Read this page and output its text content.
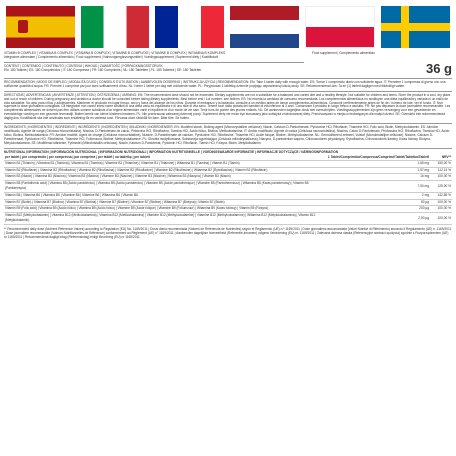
VITAMIN B COMPLEX | VITAMINA B COMPLEX | VITAMINA B COMPLEX | VITAMINE B COMPLEXE | VITAMINE B COMPLEX | WITAMINA B KOMPLEKS
Integratore alimentare | Complemento alimenticio | Food supplement | Nahrungsergänzungsmittel | Voedingssupplement | Suplement diety | Kosttillskott
CONTENT | CONTENIDO | CONTENUTO | CONTENU | INHOUD | ZAWARTOŚĆ | FÖRPACKNINGSSTORLEK
EN: 180 Tablets | ES: 180 Comprimidos | IT: 180 Compresse | FR: 180 Comprimés | NL: 180 Tabletten | PL: 180 Tabletek | SE: 180 Tabletter
Food supplement | Complemento alimenticio
36 g
RECOMMENDATION | MODO DE EMPLEO | MODALITÀ D'USO | CONSEILS D'UTILISATION | AANBEVOLEN DOSERING | INSTRUKCJA UŻYCIA | REKOMMENDATION: EN: Take 1 tablet daily with enough water. ES: Tomar 1 comprimido diario con suficiente agua. IT: Prendere 1 compressa al giorno con una sufficiente quantità d'acqua. FR: Prendre 1 comprimé par jour avec suffisamment d'eau. NL: Neem 1 tablet per dag met voldoende water. PL: Przyjmować 1 tabletkę dziennie popijając odpowiednią ilością wody. SE: Rekommenderad dos: Ta en (1) tablett dagligen med tillräckligt vatten.
DIRECTIONS | ADVERTENCIAS | AVVERTENZE | ATTENTION | OSTRZEŻENIA | VARNING: EN: The recommended dose should not be exceeded. Dietary supplements are not a substitute for a balanced and varied diet and a healthy lifestyle. Not suitable for children and teens. Store the product in a cool, dry place and out of reach of children. During pregnancy and lactation a doctor should be consulted before taking dietary supplements. Best before end / Lot number: see bottom. ES: No exceda la cantidad de consumo recomendada. Los complementos alimenticios no sustituyen una dieta equilibrada y variada ni un estilo de vida saludable. No apto para niños y adolescentes. Mantener el producto en lugar fresco, seco y fuera del alcance de los niños. Durante el embarazo y la lactancia, consulte a un médico antes de tomar complementos alimenticios. Consumir preferentemente antes de fin de / número de lote: ver el fondo. IT: Non superare la dose giornaliera consigliata. Gli integratori non vanno intesi come sostituti di una dieta varia ed equilibrata e di uno stile di vita sano. Tenere fuori dalla portata dei bambini di età inferiore ai 3 anni. Conservare il prodotto in luogo fresco e asciutto. FR: Ne pas dépasser la dose journalière recommandée. Les compléments alimentaires ne doivent pas être utilisés comme substituts d'un régime alimentaire varié et équilibré et d'un mode de vie sain. Tenir hors de portée des jeunes enfants. NL: De aanbevolen dagelijkse dosis niet overschrijden. Voedingssupplementen zijn geen vervanging voor een gevarieerde en evenwichtige voeding en een gezonde levensstijl. Buiten bereik van kleine kinderen bewaren. PL: Nie przekraczać zalecanej dziennej porcji. Suplement diety nie może być stosowany jako substytut zróżnicowanej diety. Przechowywać w miejscu niedostępnym dla małych dzieci. SE: Överskrid inte rekommenderad daglig dos. Kosttillskott ska inte användas som ersättning för en varierad kost. Förvaras utom räckhåll för barn. Bäst före: Se botten.
INGREDIENTS | INGREDIENTES | INGREDIENTI | INGRÉDIENTS | INGREDIËNTEN | SKŁADNIKI | INGREDIENSER: EN: Modified starch, Bulking agent (Microcrystalline cellulose), Niacin, Calcium D-Pantothenate, Pyridoxine HCl, Riboflavin, Thiamine HCl, Folic acid, Biotin, Methylcobalamin. ES: Almidón modificado, Agente de carga (Celulosa microcristalina), Niacina, D-Pantotenato de calcio, Piridoxina HCl, Riboflavina, Tiamina HCl, Ácido fólico, Biotina, Metilcobalamina. IT: Amido modificato, Agente di carica (Cellulosa microcristallina), Niacina, Calcio D-Pantotenato, Piridossina HCl, Riboflavina, Tiamina HCl, Acido folico, Biotina, Metilcobalamina. FR: Amidon modifié, Agent de charge (Cellulose microcristalline), Niacine, D-Pantothénate de calcium, Pyridoxine HCl, Riboflavine, Thiamine HCl, Acide folique, Biotine, Méthylcobalamine. NL: Gemodificeerd zetmeel, Vulstof (Microkristallijne cellulose), Niacine, Calcium D-Pantothenaat, Pyridoxine HCl, Riboflavine, Thiamine HCl, Foliumzuur, Biotine, Methylcobalamine. PL: Skrobia modyfikowana, Substancja wypełniająca (Celuloza mikrokrystaliczna), Niacyna, D-pantotenian wapnia, Chlorowodorek pirydoksyny, Ryboflawina, Chlorowodorek tiaminy, Kwas foliowy, Biotyna, Metylokobalamina. SE: Modifierad stärkelse, Fyllmedel (Mikrokristallin cellulosa), Niacin, Kalcium D-Pantotenat, Pyridoxin HCl, Riboflavin, Tiamin HCl, Folsyra, Biotin, Metylkobalamin.
NUTRITIONAL INFORMATION | INFORMACIÓN NUTRICIONAL | INFORMAZIONI NUTRIZIONALI | INFORMATION NUTRITIONNELLE | VOEDINGSWAARDE INFORMATIE | INFORMACJE DOTYCZĄCE / NÄRINGSINFORMATION
per tablet | por comprimido | per compressa | par comprimé | per tablet | na tabletkę | per tablett	1 Tablet/Comprimido/Compressa/Comprimé/Tablet/Tabletka/Tablett	NRV**
Vitamin B1 (Thiamin) | Vitamina B1 (Tiamina) | Vitamina B1 (Tiamina) | Vitamine B1 (Thiamine) | Vitamine B1 (Thiamine) | Witamina B1 (Tiamina) | Vitamin B1 (Tiamin)	1,65 mg	150,00 %
Vitamin B2 (Riboflavin) | Vitamina B2 (Riboflavina) | Vitamina B2 (Riboflavina) | Vitamine B2 (Riboflavine) | Vitamine B2 (Riboflavine) | Witamina B2 (Ryboflawina) | Vitamin B2 (Riboflavin)	1,57 mg	112,14 %
Vitamin B3 (Niacin) | Vitamina B3 (Niacina) | Vitamina B3 (Niacina) | Vitamine B3 (Niacine) | Vitamine B3 (Niacine) | Witamina B3 (Niacyna) | Vitamin B3 (Niacin)	16 mg	100,00 %
Vitamin B5 (Pantothenic acid) | Vitamina B5 (Ácido pantoténico) | Vitamina B5 (Acido pantotenico) | Vitamine B5 (Acide pantothénique) | Vitamine B5 (Pantotheenzuur) | Witamina B5 (Kwas pantotenowy) | Vitamin B5 (Pantotensyra)	7,50 mg	125,00 %
Vitamin B6 | Vitamina B6 | Vitamina B6 | Vitamine B6 | Vitamine B6 | Witamina B6 | Vitamin B6	2 mg	142,85 %
Vitamin B7 (Biotin) | Vitamina B7 (Biotina) | Vitamina B7 (Biotina) | Vitamine B7 (Biotine) | Vitamine B7 (Biotine) | Witamina B7 (Biotyna) | Vitamin B7 (Biotin)	50 µg	100,00 %
Vitamin B9 (Folic acid) | Vitamina B9 (Ácido fólico) | Vitamina B9 (Acido folico) | Vitamine B9 (Acide folique) | Vitamine B9 (Foliumzuur) | Witamina B9 (Kwas foliowy) | Vitamin B9 (Folsyra)	200 µg	100,00 %
Vitamin B12 (Methylcobalamin) | Vitamina B12 (Metilcobalamina) | Vitamina B12 (Metilcobalamina) | Vitamine B12 (Méthylcobalamine) | Vitamine B12 (Methylcobalamine) | Witamina B12 (Metylokobalamina) | Vitamin B12 (Metylkobalamin)	2,50 µg	100,00 %
** Recommended daily dose (Nutrient Reference Values) according to Regulation (EU) No. 1169/2011 | Dosis diaria recomendada (Valores de Referencia de Nutrientes) según el Reglamento (UE) n.º 1169/2011 | Dose giornaliera raccomandata (Valori Nutritivi di Riferimento) secondo il Regolamento (UE) n. 1169/2011 | Dose journalière recommandée (Valeurs Nutritionnelles de Référence) conformément au Règlement (UE) n° 1169/2011 | Aanbevolen dagelijkse hoeveelheid (Referentie-innamen) volgens Verordening (EU) nr. 1169/2011 | Zalecana dzienna dawka (Referencyjne wartości spożycia) zgodnie z Rozporządzeniem (UE) nr 1169/2011 | Rekommenderat dagligt intag (Referensintag) enligt förordning (EU) nr 1169/2011
